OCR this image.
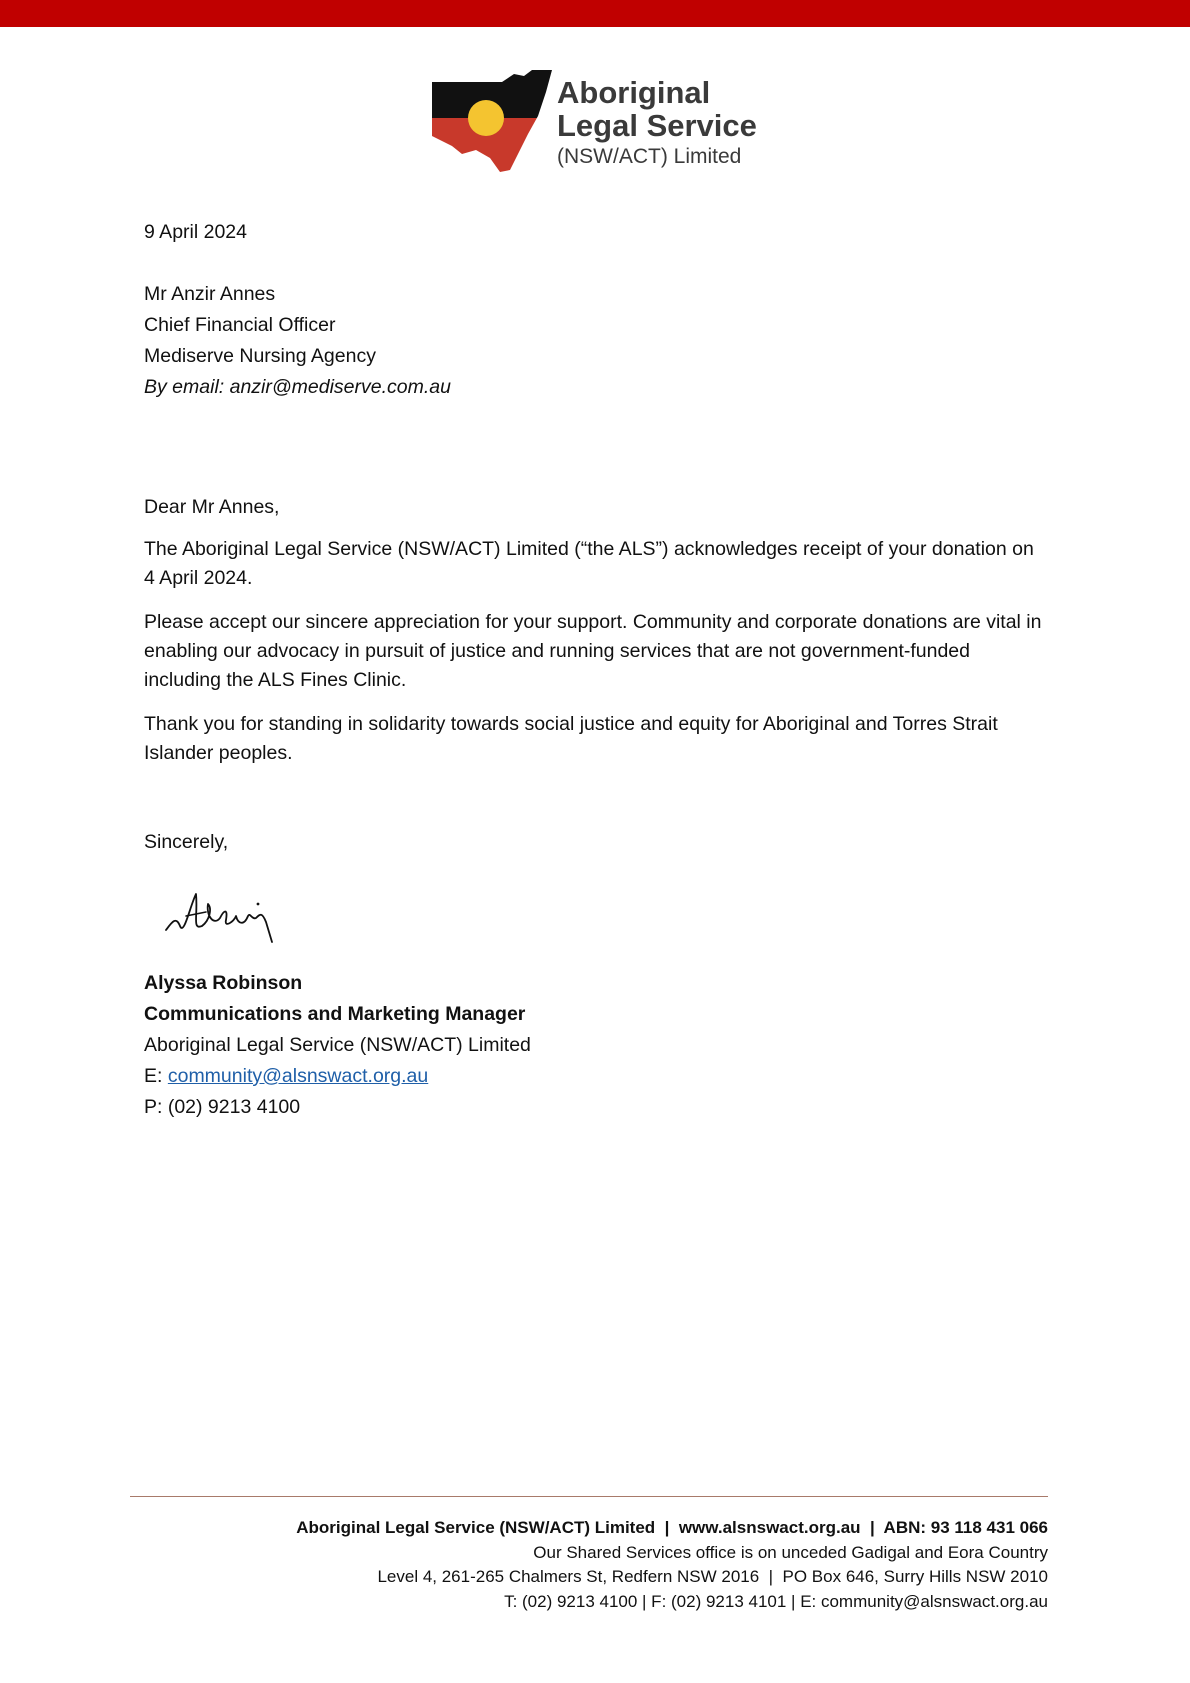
Aboriginal
Legal Service
(NSW/ACT) Limited

9 April 2024

Mr Anzir Annes

Chief Financial Officer

Mediserve Nursing Agency

By email: anzir@mediserve.com.au

Dear Mr Annes,

The Aboriginal Legal Service (NSW/ACT) Limited (“the ALS”) acknowledges receipt of your donation on 4 April 2024.

Please accept our sincere appreciation for your support. Community and corporate donations are vital in enabling our advocacy in pursuit of justice and running services that are not government-funded including the ALS Fines Clinic.

Thank you for standing in solidarity towards social justice and equity for Aboriginal and Torres Strait Islander peoples.

Sincerely,

Alyssa Robinson

Communications and Marketing Manager

Aboriginal Legal Service (NSW/ACT) Limited

E: community@alsnswact.org.au

P: (02) 9213 4100

Aboriginal Legal Service (NSW/ACT) Limited  |  www.alsnswact.org.au  |  ABN: 93 118 431 066

Our Shared Services office is on unceded Gadigal and Eora Country

Level 4, 261-265 Chalmers St, Redfern NSW 2016  |  PO Box 646, Surry Hills NSW 2010

T: (02) 9213 4100 | F: (02) 9213 4101 | E: community@alsnswact.org.au
